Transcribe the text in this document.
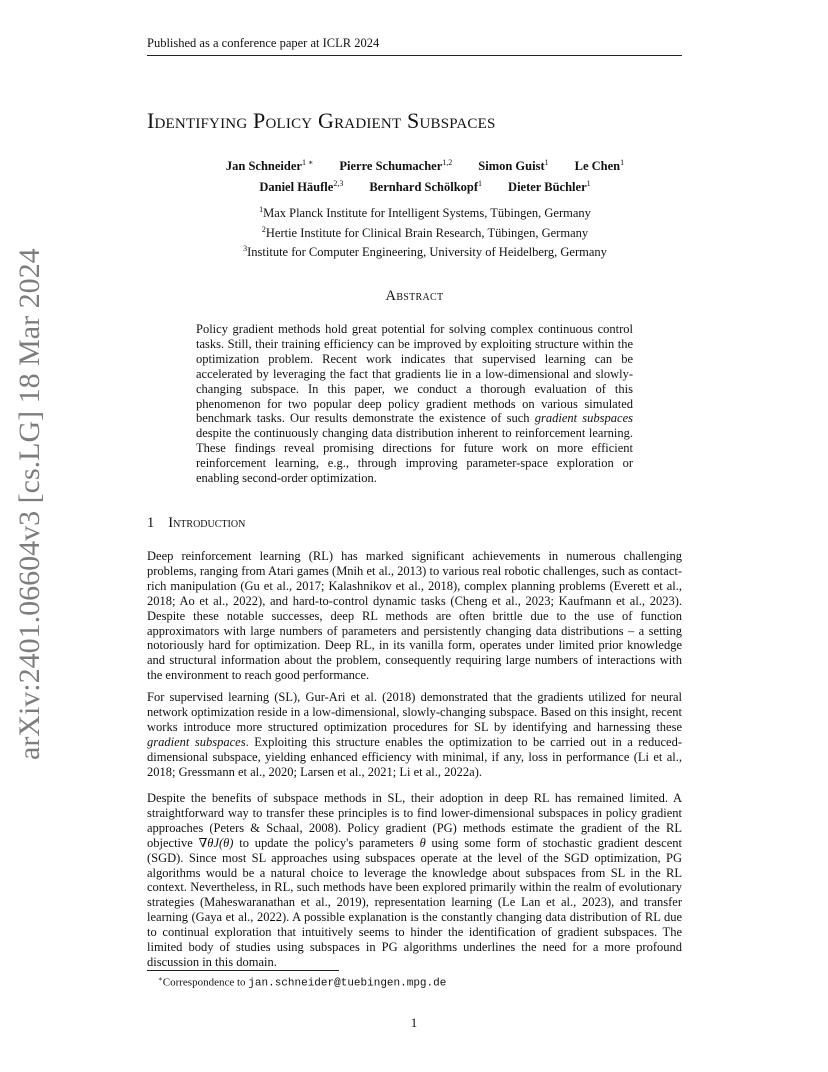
Published as a conference paper at ICLR 2024
arXiv:2401.06604v3 [cs.LG] 18 Mar 2024
Identifying Policy Gradient Subspaces
Jan Schneider$^{1 ∗}$ Pierre Schumacher$^{1,2}$ Simon Guist$^1$ Le Chen$^1$
Daniel Häufle$^{2,3}$ Bernhard Schölkopf$^1$ Dieter Büchler$^1$
$^1$Max Planck Institute for Intelligent Systems, Tübingen, Germany
$^2$Hertie Institute for Clinical Brain Research, Tübingen, Germany
$^3$Institute for Computer Engineering, University of Heidelberg, Germany
Abstract
Policy gradient methods hold great potential for solving complex continuous control tasks. Still, their training efficiency can be improved by exploiting structure within the optimization problem. Recent work indicates that supervised learning can be accelerated by leveraging the fact that gradients lie in a low-dimensional and slowly-changing subspace. In this paper, we conduct a thorough evaluation of this phenomenon for two popular deep policy gradient methods on various simulated benchmark tasks. Our results demonstrate the existence of such gradient subspaces despite the continuously changing data distribution inherent to reinforcement learning. These findings reveal promising directions for future work on more efficient reinforcement learning, e.g., through improving parameter-space exploration or enabling second-order optimization.
1 Introduction
Deep reinforcement learning (RL) has marked significant achievements in numerous challenging problems, ranging from Atari games (Mnih et al., 2013) to various real robotic challenges, such as contact-rich manipulation (Gu et al., 2017; Kalashnikov et al., 2018), complex planning problems (Everett et al., 2018; Ao et al., 2022), and hard-to-control dynamic tasks (Cheng et al., 2023; Kaufmann et al., 2023). Despite these notable successes, deep RL methods are often brittle due to the use of function approximators with large numbers of parameters and persistently changing data distributions – a setting notoriously hard for optimization. Deep RL, in its vanilla form, operates under limited prior knowledge and structural information about the problem, consequently requiring large numbers of interactions with the environment to reach good performance.
For supervised learning (SL), Gur-Ari et al. (2018) demonstrated that the gradients utilized for neural network optimization reside in a low-dimensional, slowly-changing subspace. Based on this insight, recent works introduce more structured optimization procedures for SL by identifying and harnessing these gradient subspaces. Exploiting this structure enables the optimization to be carried out in a reduced-dimensional subspace, yielding enhanced efficiency with minimal, if any, loss in performance (Li et al., 2018; Gressmann et al., 2020; Larsen et al., 2021; Li et al., 2022a).
Despite the benefits of subspace methods in SL, their adoption in deep RL has remained limited. A straightforward way to transfer these principles is to find lower-dimensional subspaces in policy gradient approaches (Peters & Schaal, 2008). Policy gradient (PG) methods estimate the gradient of the RL objective ∇θJ(θ) to update the policy's parameters θ using some form of stochastic gradient descent (SGD). Since most SL approaches using subspaces operate at the level of the SGD optimization, PG algorithms would be a natural choice to leverage the knowledge about subspaces from SL in the RL context. Nevertheless, in RL, such methods have been explored primarily within the realm of evolutionary strategies (Maheswaranathan et al., 2019), representation learning (Le Lan et al., 2023), and transfer learning (Gaya et al., 2022). A possible explanation is the constantly changing data distribution of RL due to continual exploration that intuitively seems to hinder the identification of gradient subspaces. The limited body of studies using subspaces in PG algorithms underlines the need for a more profound discussion in this domain.
∗Correspondence to jan.schneider@tuebingen.mpg.de
1
